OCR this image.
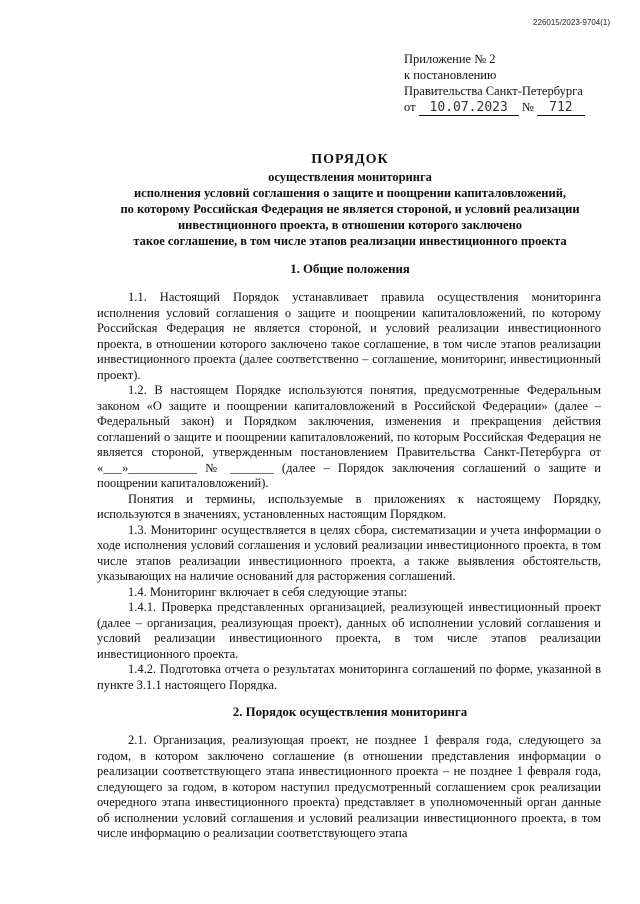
226015/2023-9704(1)
Приложение № 2
к постановлению
Правительства Санкт-Петербурга
от 10.07.2023 № 712
ПОРЯДОК
осуществления мониторинга
исполнения условий соглашения о защите и поощрении капиталовложений,
по которому Российская Федерация не является стороной, и условий реализации
инвестиционного проекта, в отношении которого заключено
такое соглашение, в том числе этапов реализации инвестиционного проекта
1. Общие положения

1.1. Настоящий Порядок устанавливает правила осуществления мониторинга исполнения условий соглашения о защите и поощрении капиталовложений, по которому Российская Федерация не является стороной, и условий реализации инвестиционного проекта, в отношении которого заключено такое соглашение, в том числе этапов реализации инвестиционного проекта (далее соответственно – соглашение, мониторинг, инвестиционный проект).

1.2. В настоящем Порядке используются понятия, предусмотренные Федеральным законом «О защите и поощрении капиталовложений в Российской Федерации» (далее – Федеральный закон) и Порядком заключения, изменения и прекращения действия соглашений о защите и поощрении капиталовложений, по которым Российская Федерация не является стороной, утвержденным постановлением Правительства Санкт-Петербурга от «___»___________ № _______ (далее – Порядок заключения соглашений о защите и поощрении капиталовложений).

Понятия и термины, используемые в приложениях к настоящему Порядку, используются в значениях, установленных настоящим Порядком.

1.3. Мониторинг осуществляется в целях сбора, систематизации и учета информации о ходе исполнения условий соглашения и условий реализации инвестиционного проекта, в том числе этапов реализации инвестиционного проекта, а также выявления обстоятельств, указывающих на наличие оснований для расторжения соглашений.

1.4. Мониторинг включает в себя следующие этапы:

1.4.1. Проверка представленных организацией, реализующей инвестиционный проект (далее – организация, реализующая проект), данных об исполнении условий соглашения и условий реализации инвестиционного проекта, в том числе этапов реализации инвестиционного проекта.

1.4.2. Подготовка отчета о результатах мониторинга соглашений по форме, указанной в пункте 3.1.1 настоящего Порядка.

2. Порядок осуществления мониторинга

2.1. Организация, реализующая проект, не позднее 1 февраля года, следующего за годом, в котором заключено соглашение (в отношении представления информации о реализации соответствующего этапа инвестиционного проекта – не позднее 1 февраля года, следующего за годом, в котором наступил предусмотренный соглашением срок реализации очередного этапа инвестиционного проекта) представляет в уполномоченный орган данные об исполнении условий соглашения и условий реализации инвестиционного проекта, в том числе информацию о реализации соответствующего этапа
